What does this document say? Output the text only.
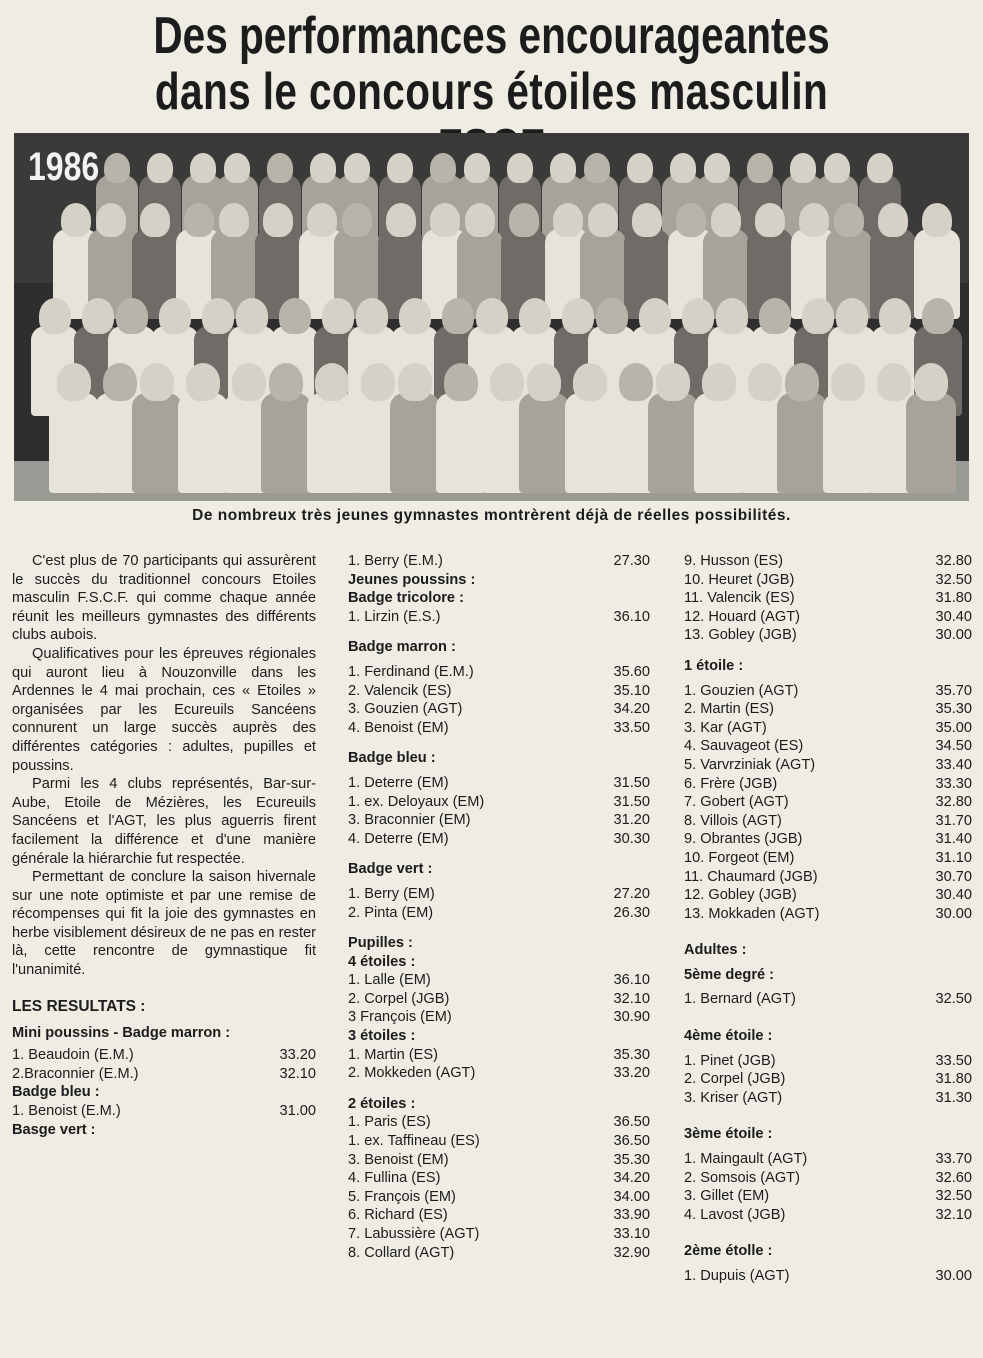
Des performances encourageantes
dans le concours étoiles masculin
1986
De nombreux très jeunes gymnastes montrèrent déjà de réelles possibilités.

C'est plus de 70 participants qui assurèrent le succès du traditionnel concours Etoiles masculin F.S.C.F. qui comme chaque année réunit les meilleurs gymnastes des différents clubs aubois.

Qualificatives pour les épreuves régionales qui auront lieu à Nouzonville dans les Ardennes le 4 mai prochain, ces « Etoiles » organisées par les Ecureuils Sancéens connurent un large succès auprès des différentes catégories : adultes, pupilles et poussins.

Parmi les 4 clubs représentés, Bar-sur-Aube, Etoile de Mézières, les Ecureuils Sancéens et l'AGT, les plus aguerris firent facilement la différence et d'une manière générale la hiérarchie fut respectée.

Permettant de conclure la saison hivernale sur une note optimiste et par une remise de récompenses qui fit la joie des gymnastes en herbe visiblement désireux de ne pas en rester là, cette rencontre de gymnastique fit l'unanimité.

LES RESULTATS :
Mini poussins - Badge marron :
1. Beaudoin (E.M.)	33.20
2.Braconnier (E.M.)	32.10
Badge bleu :
1. Benoist (E.M.)	31.00
Basge vert :
1. Berry (E.M.)	27.30
Jeunes poussins :
Badge tricolore :
1. Lirzin (E.S.)	36.10
Badge marron :
1. Ferdinand (E.M.)	35.60
2. Valencik (ES)	35.10
3. Gouzien (AGT)	34.20
4. Benoist (EM)	33.50
Badge bleu :
1. Deterre (EM)	31.50
1. ex. Deloyaux (EM)	31.50
3. Braconnier (EM)	31.20
4. Deterre (EM)	30.30
Badge vert :
1. Berry (EM)	27.20
2. Pinta (EM)	26.30
Pupilles :
4 étoiles :
1. Lalle (EM)	36.10
2. Corpel (JGB)	32.10
3 François (EM)	30.90
3 étoiles :
1. Martin (ES)	35.30
2. Mokkeden (AGT)	33.20
2 étoiles :
1. Paris (ES)	36.50
1. ex. Taffineau (ES)	36.50
3. Benoist (EM)	35.30
4. Fullina (ES)	34.20
5. François (EM)	34.00
6. Richard (ES)	33.90
7. Labussière (AGT)	33.10
8. Collard (AGT)	32.90
9. Husson (ES)	32.80
10. Heuret (JGB)	32.50
11. Valencik (ES)	31.80
12. Houard (AGT)	30.40
13. Gobley (JGB)	30.00
1 étoile :
1. Gouzien (AGT)	35.70
2. Martin (ES)	35.30
3. Kar (AGT)	35.00
4. Sauvageot (ES)	34.50
5. Varvrziniak (AGT)	33.40
6. Frère (JGB)	33.30
7. Gobert (AGT)	32.80
8. Villois (AGT)	31.70
9. Obrantes (JGB)	31.40
10. Forgeot (EM)	31.10
11. Chaumard (JGB)	30.70
12. Gobley (JGB)	30.40
13. Mokkaden (AGT)	30.00
Adultes :
5ème degré :
1. Bernard (AGT)	32.50
4ème étoile :
1. Pinet (JGB)	33.50
2. Corpel (JGB)	31.80
3. Kriser (AGT)	31.30
3ème étoile :
1. Maingault (AGT)	33.70
2. Somsois (AGT)	32.60
3. Gillet (EM)	32.50
4. Lavost (JGB)	32.10
2ème étolle :
1. Dupuis (AGT)	30.00
